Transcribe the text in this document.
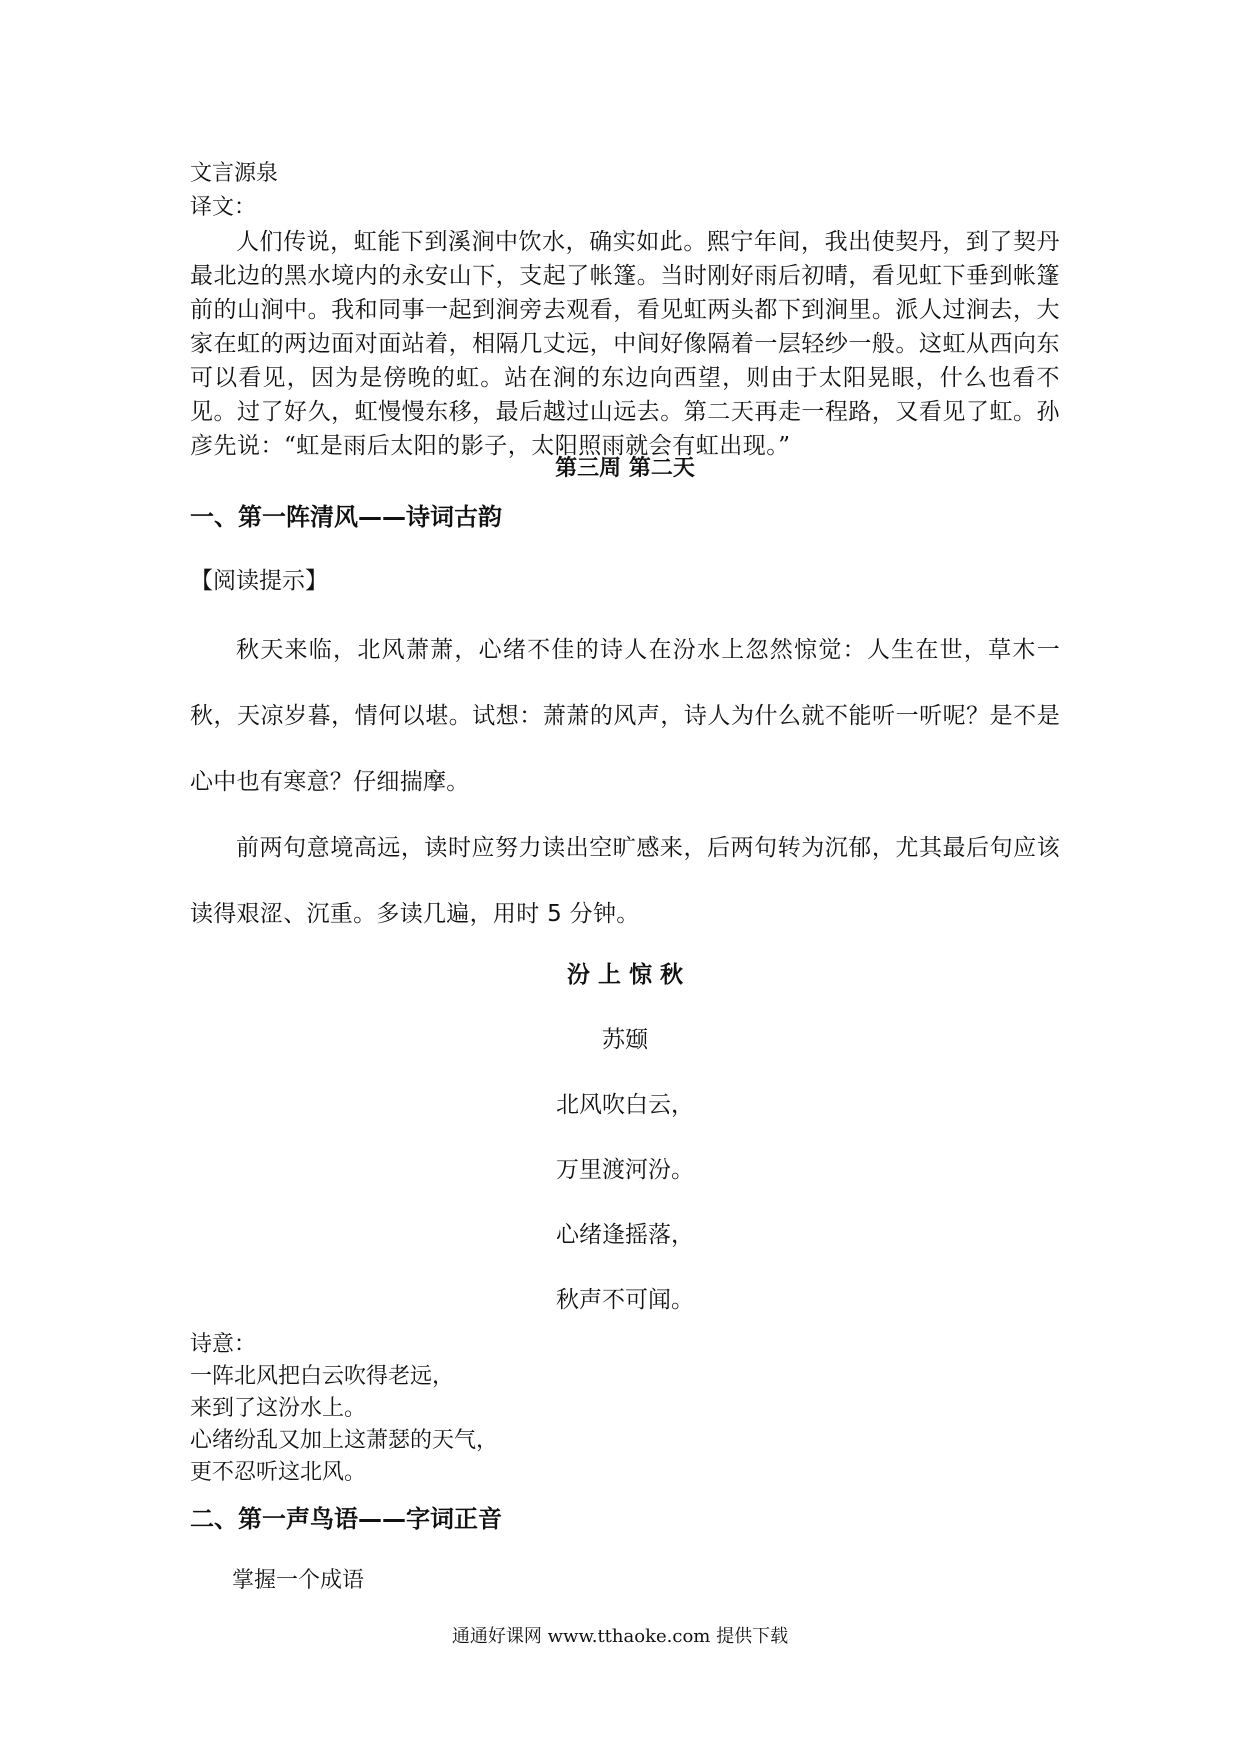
文言源泉

译文：

人们传说，虹能下到溪涧中饮水，确实如此。熙宁年间，我出使契丹，到了契丹最北边的黑水境内的永安山下，支起了帐篷。当时刚好雨后初晴，看见虹下垂到帐篷前的山涧中。我和同事一起到涧旁去观看，看见虹两头都下到涧里。派人过涧去，大家在虹的两边面对面站着，相隔几丈远，中间好像隔着一层轻纱一般。这虹从西向东可以看见，因为是傍晚的虹。站在涧的东边向西望，则由于太阳晃眼，什么也看不见。过了好久，虹慢慢东移，最后越过山远去。第二天再走一程路，又看见了虹。孙彦先说：“虹是雨后太阳的影子，太阳照雨就会有虹出现。”

第三周 第二天

一、第一阵清风——诗词古韵

【阅读提示】

秋天来临，北风萧萧，心绪不佳的诗人在汾水上忽然惊觉：人生在世，草木一秋，天凉岁暮，情何以堪。试想：萧萧的风声，诗人为什么就不能听一听呢？是不是心中也有寒意？仔细揣摩。

前两句意境高远，读时应努力读出空旷感来，后两句转为沉郁，尤其最后句应该读得艰涩、沉重。多读几遍，用时 5 分钟。

汾 上 惊 秋

苏颋

北风吹白云，

万里渡河汾。

心绪逢摇落，

秋声不可闻。

诗意：

一阵北风把白云吹得老远，

来到了这汾水上。

心绪纷乱又加上这萧瑟的天气，

更不忍听这北风。

二、第一声鸟语——字词正音

掌握一个成语

通通好课网 www.tthaoke.com 提供下载
